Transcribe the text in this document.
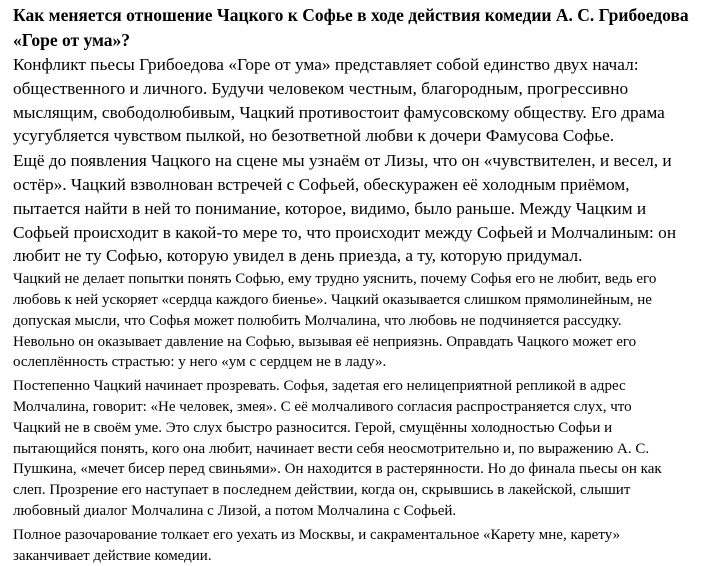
Как меняется отношение Чацкого к Софье в ходе действия комедии А. С. Грибоедова
«Горе от ума»?
Конфликт пьесы Грибоедова «Горе от ума» представляет собой единство двух начал:
общественного и личного. Будучи человеком честным, благородным, прогрессивно
мыслящим, свободолюбивым, Чацкий противостоит фамусовскому обществу. Его драма
усугубляется чувством пылкой, но безответной любви к дочери Фамусова Софье.
Ещё до появления Чацкого на сцене мы узнаём от Лизы, что он «чувствителен, и весел, и
остёр». Чацкий взволнован встречей с Софьей, обескуражен её холодным приёмом,
пытается найти в ней то понимание, которое, видимо, было раньше. Между Чацким и
Софьей происходит в какой-то мере то, что происходит между Софьей и Молчалиным: он
любит не ту Софью, которую увидел в день приезда, а ту, которую придумал.
Чацкий не делает попытки понять Софью, ему трудно уяснить, почему Софья его не любит, ведь его
любовь к ней ускоряет «сердца каждого биенье». Чацкий оказывается слишком прямолинейным, не
допуская мысли, что Софья может полюбить Молчалина, что любовь не подчиняется рассудку.
Невольно он оказывает давление на Софью, вызывая её неприязнь. Оправдать Чацкого может его
ослеплённость страстью: у него «ум с сердцем не в ладу».
Постепенно Чацкий начинает прозревать. Софья, задетая его нелицеприятной репликой в адрес
Молчалина, говорит: «Не человек, змея». С её молчаливого согласия распространяется слух, что
Чацкий не в своём уме. Это слух быстро разносится. Герой, смущённы холодностью Софьи и
пытающийся понять, кого она любит, начинает вести себя неосмотрительно и, по выражению А. С.
Пушкина, «мечет бисер перед свиньями». Он находится в растерянности. Но до финала пьесы он как
слеп. Прозрение его наступает в последнем действии, когда он, скрывшись в лакейской, слышит
любовный диалог Молчалина с Лизой, а потом Молчалина с Софьей.
Полное разочарование толкает его уехать из Москвы, и сакраментальное «Карету мне, карету»
заканчивает действие комедии.
